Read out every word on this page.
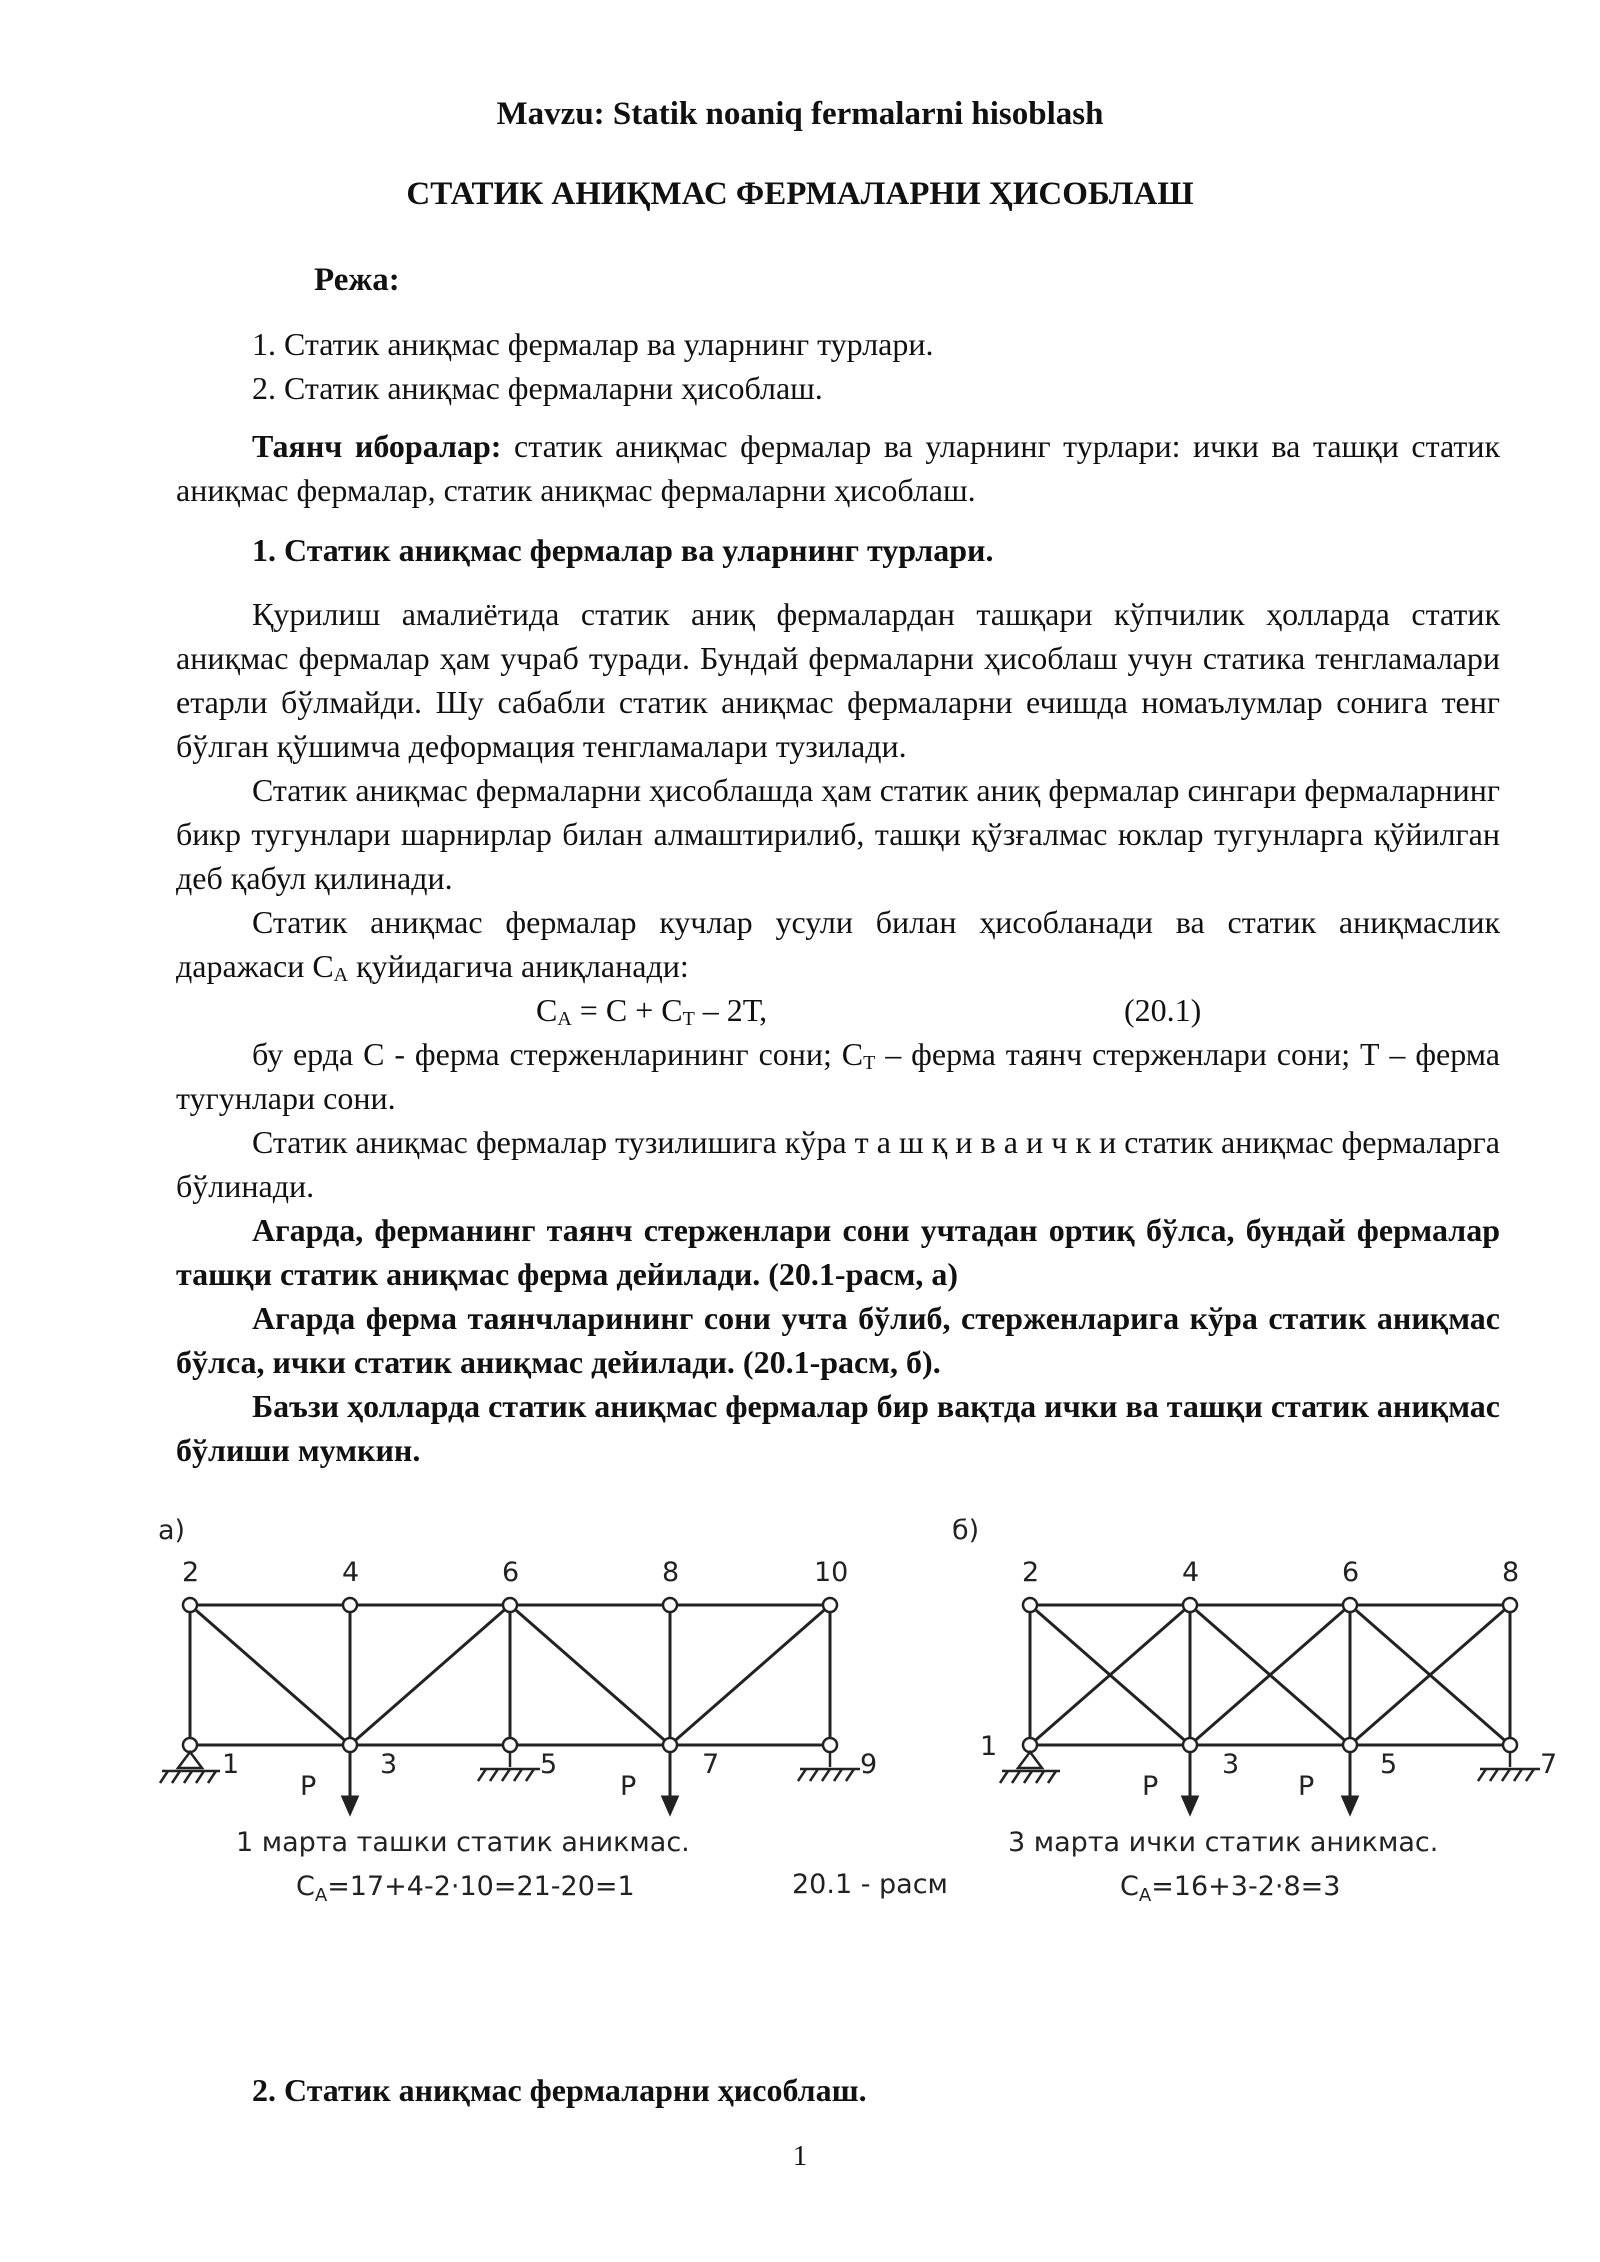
Mavzu: Statik noaniq fermalarni hisoblash
СТАТИК АНИҚМАС ФЕРМАЛАРНИ ҲИСОБЛАШ
Режа:
1. Статик аниқмас фермалар ва уларнинг турлари.
2. Статик аниқмас фермаларни ҳисоблаш.

Таянч иборалар: статик аниқмас фермалар ва уларнинг турлари: ички ва ташқи статик аниқмас фермалар, статик аниқмас фермаларни ҳисоблаш.

1. Статик аниқмас фермалар ва уларнинг турлари.

Қурилиш амалиётида статик аниқ фермалардан ташқари кўпчилик ҳолларда статик аниқмас фермалар ҳам учраб туради. Бундай фермаларни ҳисоблаш учун статика тенгламалари етарли бўлмайди. Шу сабабли статик аниқмас фермаларни ечишда номаълумлар сонига тенг бўлган қўшимча деформация тенгламалари тузилади.

Статик аниқмас фермаларни ҳисоблашда ҳам статик аниқ фермалар сингари фермаларнинг бикр тугунлари шарнирлар билан алмаштирилиб, ташқи қўзғалмас юклар тугунларга қўйилган деб қабул қилинади.

Статик аниқмас фермалар кучлар усули билан ҳисобланади ва статик аниқмаслик даражаси $С_А$ қуйидагича аниқланади:

$С_А = С + С_Т - 2Т$,	(20.1)

бу ерда С - ферма стерженларининг сони; $С_Т$ – ферма таянч стерженлари сони; Т – ферма тугунлари сони.

Статик аниқмас фермалар тузилишига кўра т а ш қ и в а и ч к и статик аниқмас фермаларга бўлинади.

Агарда, ферманинг таянч стерженлари сони учтадан ортиқ бўлса, бундай фермалар ташқи статик аниқмас ферма дейилади. (20.1-расм, а)

Агарда ферма таянчларининг сони учта бўлиб, стерженларига кўра статик аниқмас бўлса, ички статик аниқмас дейилади. (20.1-расм, б).

Баъзи ҳолларда статик аниқмас фермалар бир вақтда ички ва ташқи статик аниқмас бўлиши мумкин.

а)
2	4	6	8	10
1	3	5	7	9
P	P
1 марта ташки статик аникмас.
$С_А=17+4-2\cdot 10=21-20=1$	20.1 - расм
б)
2	4	6	8
1
3	5	7
P	P
3 марта ички статик аникмас.
$С_А=16+3-2\cdot 8=3$
2. Статик аниқмас фермаларни ҳисоблаш.
1
